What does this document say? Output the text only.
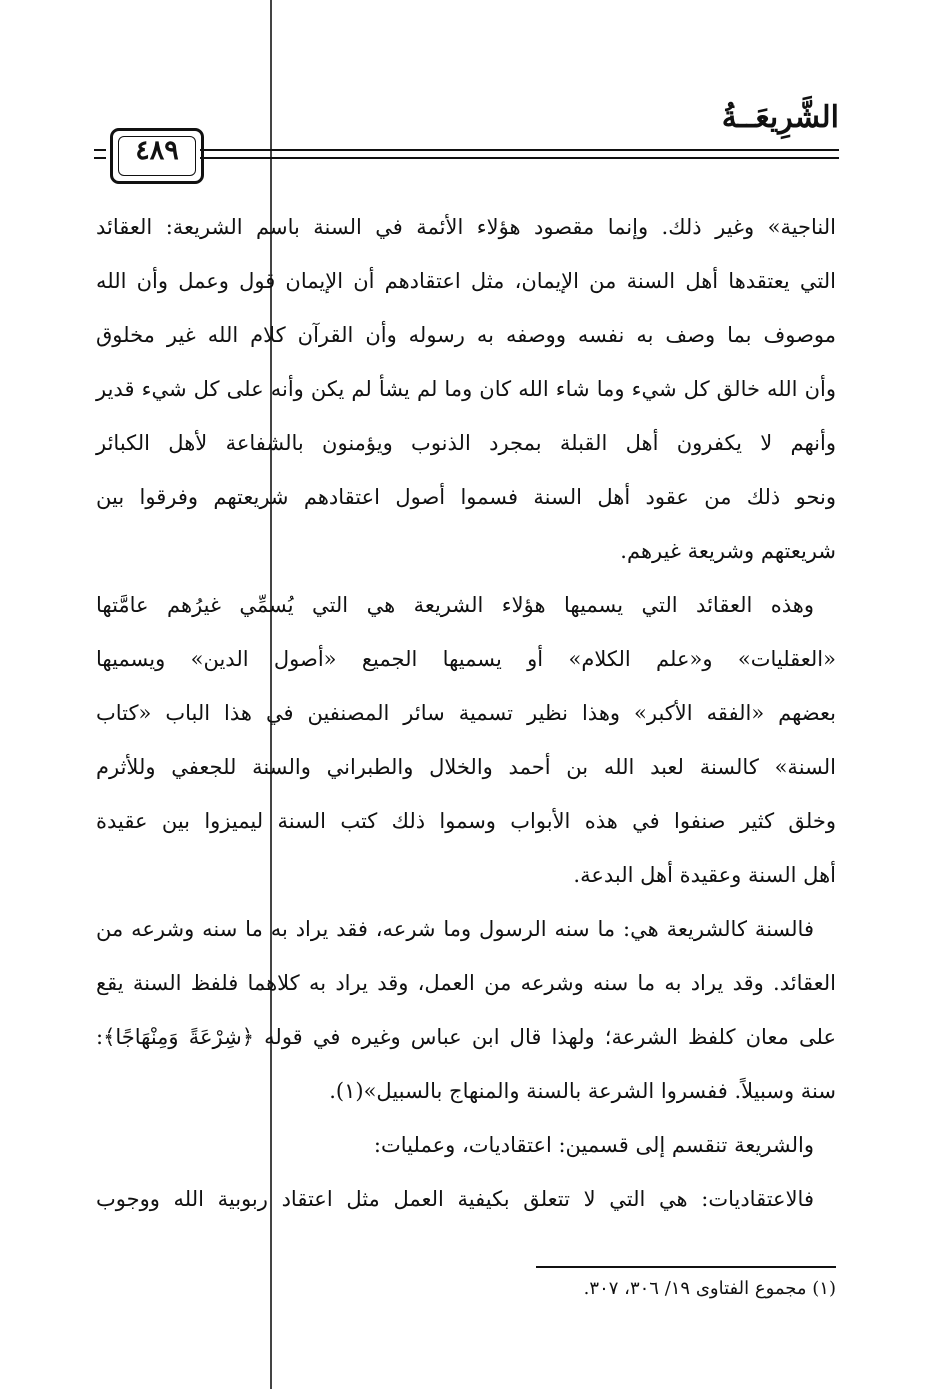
الشَّرِيعَــةُ
٤٨٩
الناجية» وغير ذلك. وإنما مقصود هؤلاء الأئمة في السنة باسم الشريعة: العقائد
التي يعتقدها أهل السنة من الإيمان، مثل اعتقادهم أن الإيمان قول وعمل وأن الله
موصوف بما وصف به نفسه ووصفه به رسوله وأن القرآن كلام الله غير مخلوق
وأن الله خالق كل شيء وما شاء الله كان وما لم يشأ لم يكن وأنه على كل شيء قدير
وأنهم لا يكفرون أهل القبلة بمجرد الذنوب ويؤمنون بالشفاعة لأهل الكبائر
ونحو ذلك من عقود أهل السنة فسموا أصول اعتقادهم شريعتهم وفرقوا بين
شريعتهم وشريعة غيرهم.
وهذه العقائد التي يسميها هؤلاء الشريعة هي التي يُسمِّي غيرُهم عامَّتها
«العقليات» و«علم الكلام» أو يسميها الجميع «أصول الدين» ويسميها
بعضهم «الفقه الأكبر» وهذا نظير تسمية سائر المصنفين في هذا الباب «كتاب
السنة» كالسنة لعبد الله بن أحمد والخلال والطبراني والسنة للجعفي وللأثرم
وخلق كثير صنفوا في هذه الأبواب وسموا ذلك كتب السنة ليميزوا بين عقيدة
أهل السنة وعقيدة أهل البدعة.
فالسنة كالشريعة هي: ما سنه الرسول وما شرعه، فقد يراد به ما سنه وشرعه من
العقائد. وقد يراد به ما سنه وشرعه من العمل، وقد يراد به كلاهما فلفظ السنة يقع
على معان كلفظ الشرعة؛ ولهذا قال ابن عباس وغيره في قوله ﴿شِرْعَةً وَمِنْهَاجًا﴾:
سنة وسبيلاً. ففسروا الشرعة بالسنة والمنهاج بالسبيل»(١).
والشريعة تنقسم إلى قسمين: اعتقاديات، وعمليات:
فالاعتقاديات: هي التي لا تتعلق بكيفية العمل مثل اعتقاد ربوبية الله ووجوب
(١) مجموع الفتاوى ١٩/ ٣٠٦، ٣٠٧.
